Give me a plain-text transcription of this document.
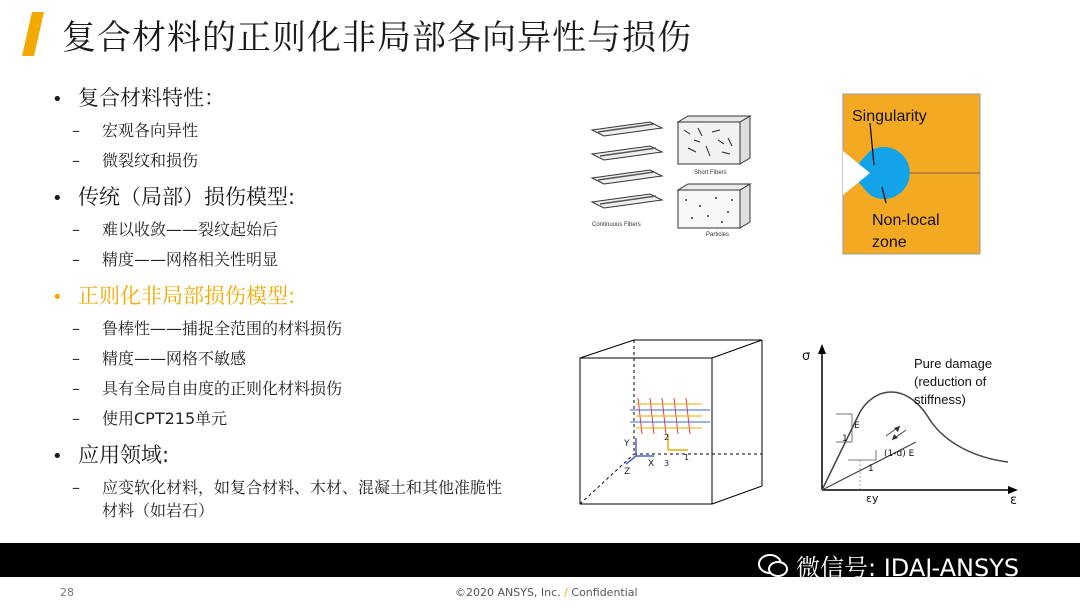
复合材料的正则化非局部各向异性与损伤
• 复合材料特性：
–	宏观各向异性
–	微裂纹和损伤
• 传统（局部）损伤模型:
–	难以收敛——裂纹起始后
–	精度——网格相关性明显
• 正则化非局部损伤模型:
–	鲁棒性——捕捉全范围的材料损伤
–	精度——网格不敏感
–	具有全局自由度的正则化材料损伤
–	使用CPT215单元
• 应用领域:
–	应变软化材料，如复合材料、木材、混凝土和其他准脆性材料（如岩石）
Short Fibers
Continuous Fibers
Particles
Singularity
Non-local
zone
Y
X
Z
1
2
3
σ
ε
εy
Pure damage
(reduction of
stiffness)
E
1
(1-d) E
1
微信号: IDAJ-ANSYS
28	©2020 ANSYS, Inc. / Confidential
